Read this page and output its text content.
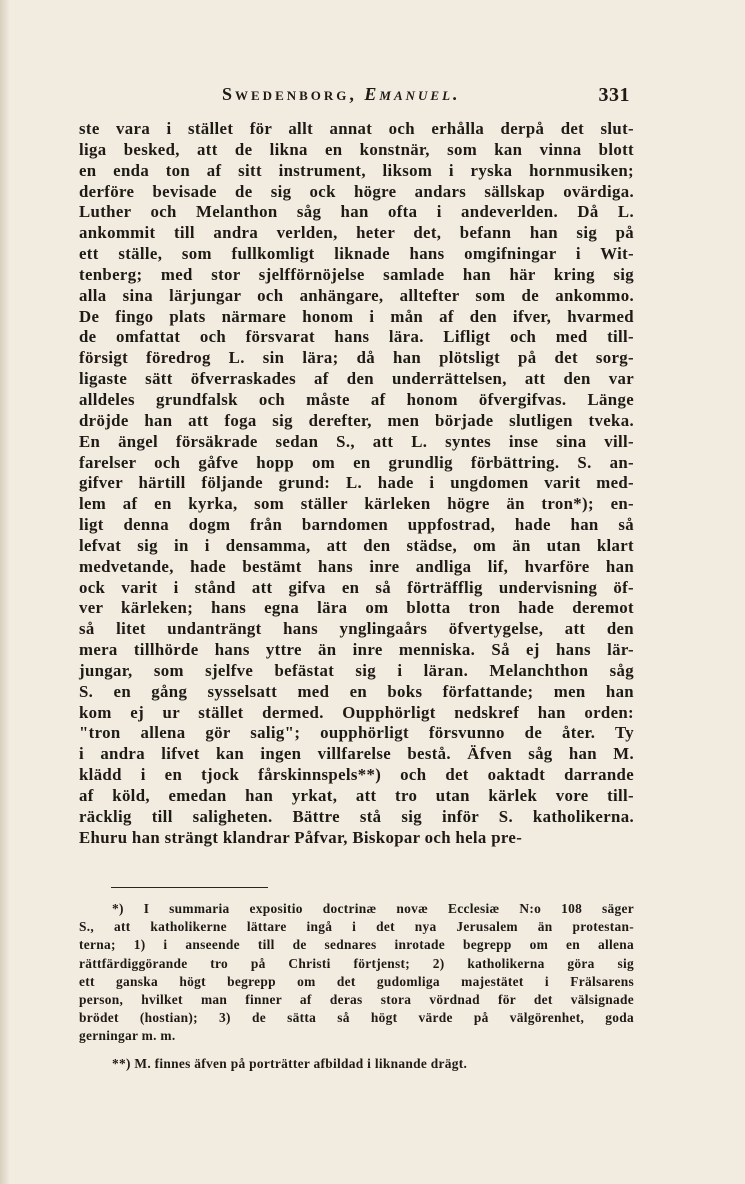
Swedenborg, Emanuel.	331
ste vara i stället för allt annat och erhålla derpå det slut-
liga besked, att de likna en konstnär, som kan vinna blott
en enda ton af sitt instrument, liksom i ryska hornmusiken;
derföre bevisade de sig ock högre andars sällskap ovärdiga.
Luther och Melanthon såg han ofta i andeverlden. Då L.
ankommit till andra verlden, heter det, befann han sig på
ett ställe, som fullkomligt liknade hans omgifningar i Wit-
tenberg; med stor sjelfförnöjelse samlade han här kring sig
alla sina lärjungar och anhängare, alltefter som de ankommo.
De fingo plats närmare honom i mån af den ifver, hvarmed
de omfattat och försvarat hans lära. Lifligt och med till-
försigt föredrog L. sin lära; då han plötsligt på det sorg-
ligaste sätt öfverraskades af den underrättelsen, att den var
alldeles grundfalsk och måste af honom öfvergifvas. Länge
dröjde han att foga sig derefter, men började slutligen tveka.
En ängel försäkrade sedan S., att L. syntes inse sina vill-
farelser och gåfve hopp om en grundlig förbättring. S. an-
gifver härtill följande grund: L. hade i ungdomen varit med-
lem af en kyrka, som ställer kärleken högre än tron*); en-
ligt denna dogm från barndomen uppfostrad, hade han så
lefvat sig in i densamma, att den städse, om än utan klart
medvetande, hade bestämt hans inre andliga lif, hvarföre han
ock varit i stånd att gifva en så förträfflig undervisning öf-
ver kärleken; hans egna lära om blotta tron hade deremot
så litet undanträngt hans ynglingaårs öfvertygelse, att den
mera tillhörde hans yttre än inre menniska. Så ej hans lär-
jungar, som sjelfve befästat sig i läran. Melanchthon såg
S. en gång sysselsatt med en boks författande; men han
kom ej ur stället dermed. Oupphörligt nedskref han orden:
"tron allena gör salig"; oupphörligt försvunno de åter. Ty
i andra lifvet kan ingen villfarelse bestå. Äfven såg han M.
klädd i en tjock fårskinnspels**) och det oaktadt darrande
af köld, emedan han yrkat, att tro utan kärlek vore till-
räcklig till saligheten. Bättre stå sig inför S. katholikerna.
Ehuru han strängt klandrar Påfvar, Biskopar och hela pre-
*) I summaria expositio doctrinæ novæ Ecclesiæ N:o 108 säger
S., att katholikerne lättare ingå i det nya Jerusalem än protestan-
terna; 1) i anseende till de sednares inrotade begrepp om en allena
rättfärdiggörande tro på Christi förtjenst; 2) katholikerna göra sig
ett ganska högt begrepp om det gudomliga majestätet i Frälsarens
person, hvilket man finner af deras stora vördnad för det välsignade
brödet (hostian); 3) de sätta så högt värde på välgörenhet, goda
gerningar m. m.
**) M. finnes äfven på porträtter afbildad i liknande drägt.
